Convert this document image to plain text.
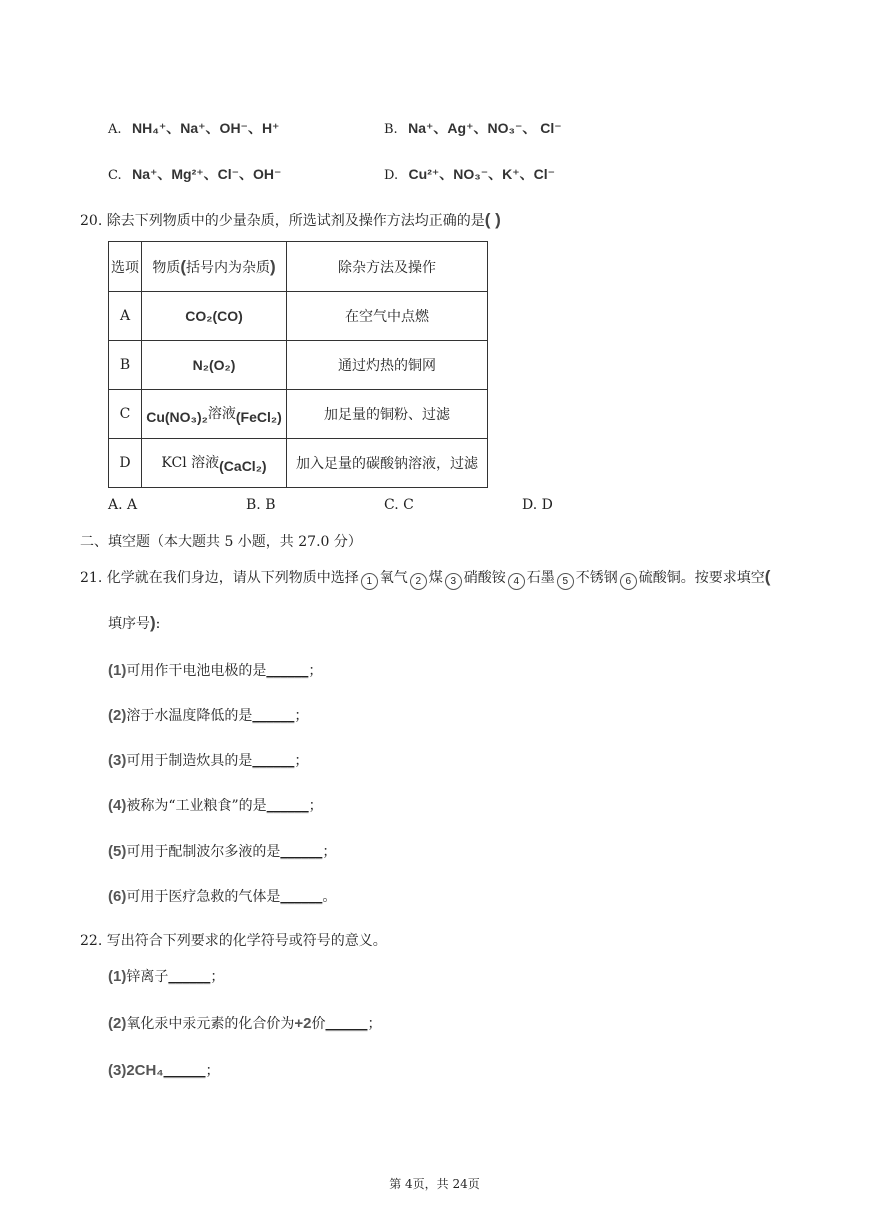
A. NH₄⁺、Na⁺、OH⁻、H⁺	B. Na⁺、Ag⁺、NO₃⁻、 Cl⁻
C. Na⁺、Mg²⁺、Cl⁻、OH⁻	D. Cu²⁺、NO₃⁻、K⁺、Cl⁻
20. 除去下列物质中的少量杂质，所选试剂及操作方法均正确的是( )
选项	物质(括号内为杂质)	除杂方法及操作
A	CO₂(CO)	在空气中点燃
B	N₂(O₂)	通过灼热的铜网
C	Cu(NO₃)₂溶液(FeCl₂)	加足量的铜粉、过滤
D	KCl 溶液(CaCl₂)	加入足量的碳酸钠溶液，过滤
A. A	B. B	C. C	D. D
二、填空题（本大题共 5 小题，共 27.0 分）
21. 化学就在我们身边，请从下列物质中选择 1 氧气 2 煤 3 硝酸铵 4 石墨 5 不锈钢 6 硫酸铜。按要求填空(
填序号):
(1)可用作干电池电极的是______；
(2)溶于水温度降低的是______；
(3)可用于制造炊具的是______；
(4)被称为“工业粮食”的是______；
(5)可用于配制波尔多液的是______；
(6)可用于医疗急救的气体是______。
22. 写出符合下列要求的化学符号或符号的意义。
(1)锌离子______；
(2)氧化汞中汞元素的化合价为+2价______；
(3)2CH₄______；
第 4页，共 24页
